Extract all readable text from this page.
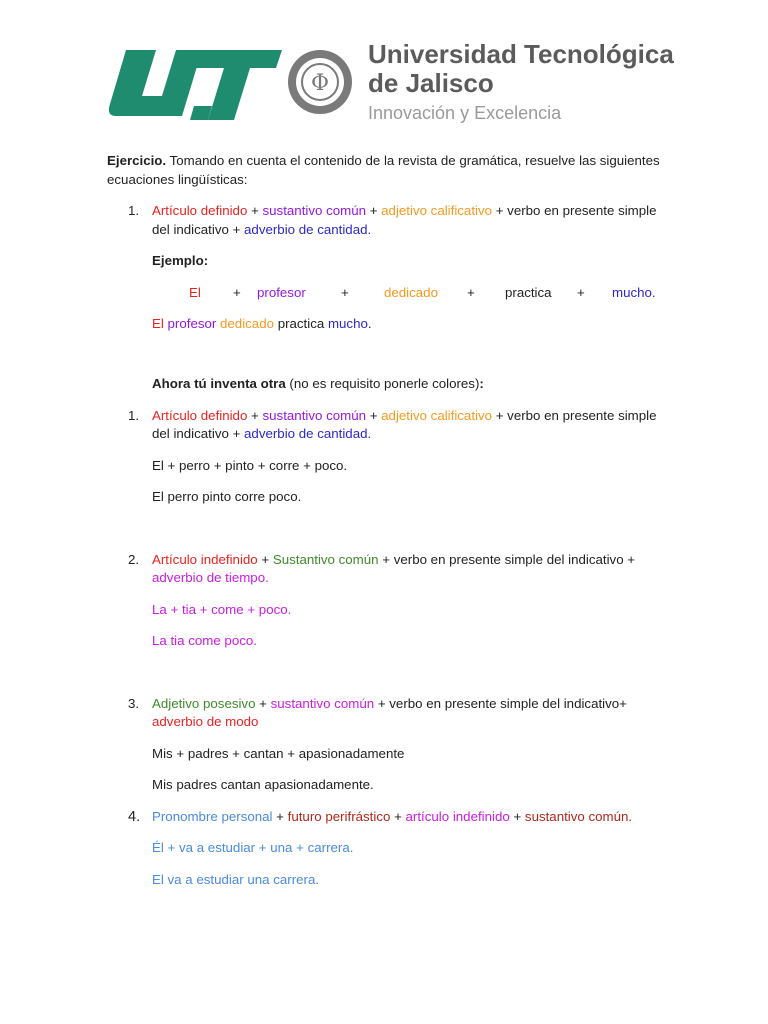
Φ
Universidad Tecnológica
de Jalisco
Innovación y Excelencia

Ejercicio. Tomando en cuenta el contenido de la revista de gramática, resuelve las siguientes ecuaciones lingüísticas:

1. Artículo definido + sustantivo común + adjetivo calificativo + verbo en presente simple del indicativo + adverbio de cantidad.

Ejemplo:

El + profesor	+	dedicado + practica + mucho.

El profesor dedicado practica mucho.

Ahora tú inventa otra (no es requisito ponerle colores):

1. Artículo definido + sustantivo común + adjetivo calificativo + verbo en presente simple del indicativo + adverbio de cantidad.

El + perro + pinto + corre + poco.

El perro pinto corre poco.

2. Artículo indefinido + Sustantivo común + verbo en presente simple del indicativo + adverbio de tiempo.

La + tia + come + poco.

La tia come poco.

3. Adjetivo posesivo + sustantivo común + verbo en presente simple del indicativo+ adverbio de modo

Mis + padres + cantan + apasionadamente

Mis padres cantan apasionadamente.

4. Pronombre personal + futuro perifrástico + artículo indefinido + sustantivo común.

Él + va a estudiar + una + carrera.

El va a estudiar una carrera.
